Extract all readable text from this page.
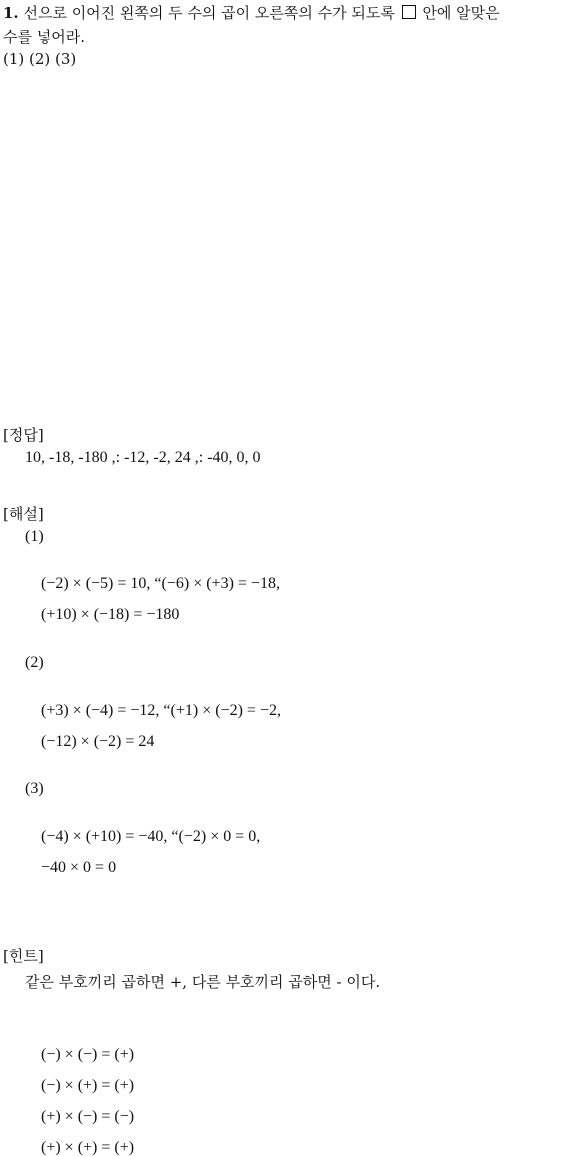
1. 선으로 이어진 왼쪽의 두 수의 곱이 오른쪽의 수가 되도록 안에 알맞은
수를 넣어라.
(1) (2) (3)
[정답]
10, -18, -180 ,: -12, -2, 24 ,: -40, 0, 0
[해설]
(1)
(−2) × (−5) = 10, “(−6) × (+3) = −18,
(+10) × (−18) = −180
(2)
(+3) × (−4) = −12, “(+1) × (−2) = −2,
(−12) × (−2) = 24
(3)
(−4) × (+10) = −40, “(−2) × 0 = 0,
−40 × 0 = 0
[힌트]
같은 부호끼리 곱하면 +, 다른 부호끼리 곱하면 - 이다.
(−) × (−) = (+)
(−) × (+) = (+)
(+) × (−) = (−)
(+) × (+) = (+)
